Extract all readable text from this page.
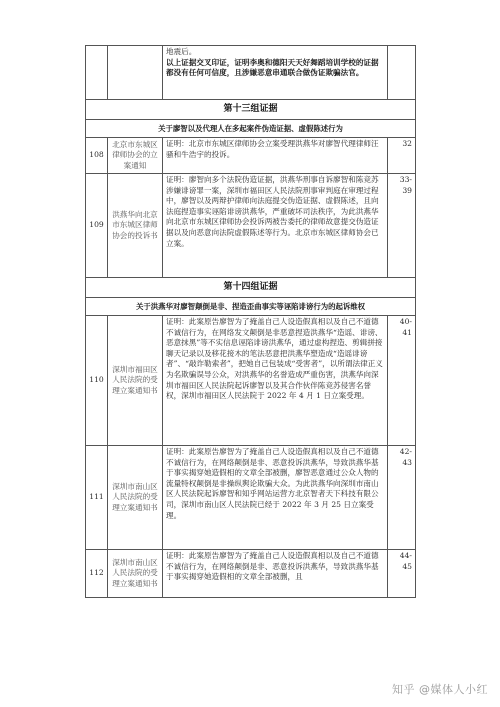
		地震后。
以上证据交叉印证，证明李奥和德阳天天好舞蹈培训学校的证据都没有任何可信度，且涉嫌恶意串通联合做伪证欺骗法官。	

第十三组证据			
关于廖智以及代理人在多起案件伪造证据、虚假陈述行为			
108	北京市东城区律师协会的立案通知	证明：北京市东城区律师协会立案受理洪燕华对廖智代理律师汪骚和牛浩宇的投诉。	32
109	洪燕华向北京市东城区律师协会的投诉书	证明：廖智向多个法院伪造证据，洪燕华刑事自诉廖智和陈竞苏涉嫌诽谤罪一案，深圳市福田区人民法院刑事审判庭在审理过程中，廖智以及两辩护律师向法庭提交伪造证据、虚假陈述，且向法庭捏造事实诬陷诽谤洪燕华，严重破坏司法秩序，为此洪燕华向北京市东城区律师协会投诉两被告委托的律师故意提交伪造证据以及向恶意向法院虚假陈述等行为。北京市东城区律师协会已立案。	33-39
第十四组证据			
关于洪燕华对廖智颠倒是非、捏造歪曲事实等诬陷诽谤行为的起诉维权			
110	深圳市福田区人民法院的受理立案通知书	证明：此案原告廖智为了掩盖自己人设造假真相以及自己不道德不诚信行为，在网络发文颠倒是非恶意捏造洪燕华“造谣、诽谤、恶意抹黑”等不实信息诬陷诽谤洪燕华，通过虚构捏造、剪辑拼接聊天记录以及移花接木的笔法恶意把洪燕华塑造成“造谣诽谤者”、“敲诈勒索者”，把她自己包装成“受害者”，以所谓法律正义为名欺骗误导公众，对洪燕华的名誉造成严重伤害，洪燕华向深圳市福田区人民法院起诉廖智以及其合作伙伴陈竞苏侵害名誉权，深圳市福田区人民法院于 2022 年 4 月 1 日立案受理。	40-41
111	深圳市南山区人民法院的受理立案通知书	证明：此案原告廖智为了掩盖自己人设造假真相以及自己不道德不诚信行为，在网络颠倒是非、恶意投诉洪燕华，导致洪燕华基于事实揭穿她造假相的文章全部被删，廖智恶意通过公众人物的流量特权颠倒是非操纵舆论欺骗大众。为此洪燕华向深圳市南山区人民法院起诉廖智和知乎网站运营方北京智者天下科技有限公司，深圳市南山区人民法院已经于 2022 年 3 月 25 日立案受理。	42-43
112	深圳市南山区人民法院的受理立案通知书	证明：此案原告廖智为了掩盖自己人设造假真相以及自己不道德不诚信行为，在网络颠倒是非、恶意投诉洪燕华，导致洪燕华基于事实揭穿她造假相的文章全部被删，且	44-45
知乎 @媒体人小红
